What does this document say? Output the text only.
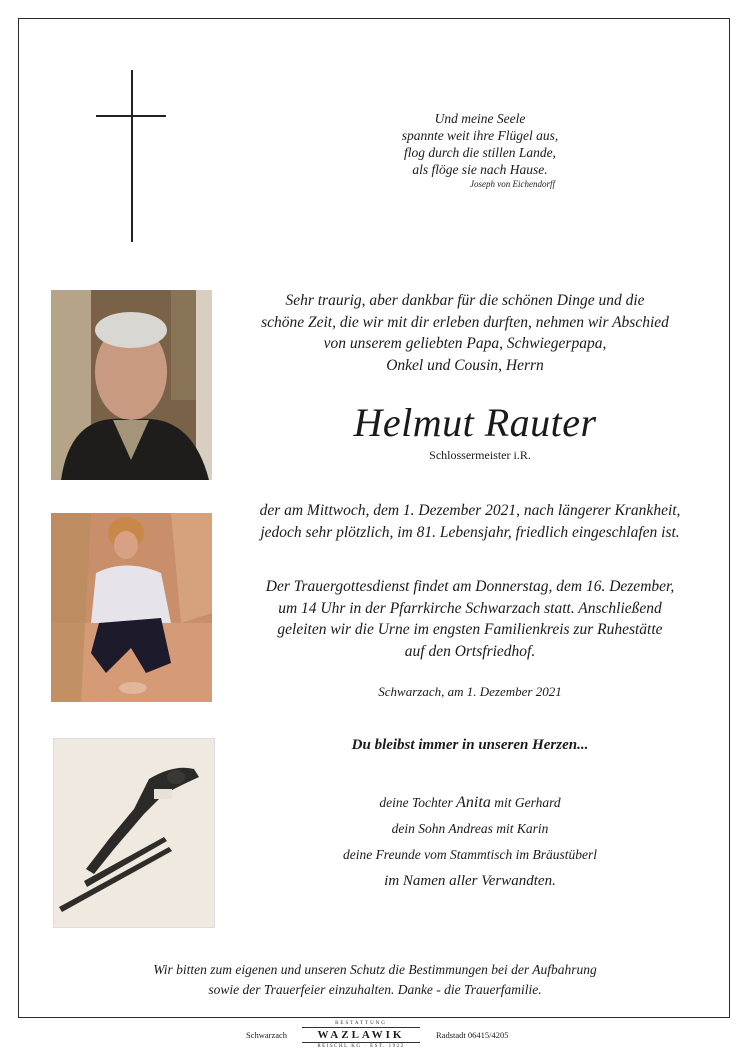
Und meine Seele
spannte weit ihre Flügel aus,
flog durch die stillen Lande,
als flöge sie nach Hause.
Joseph von Eichendorff
Sehr traurig, aber dankbar für die schönen Dinge und die
schöne Zeit, die wir mit dir erleben durften, nehmen wir Abschied
von unserem geliebten Papa, Schwiegerpapa,
Onkel und Cousin, Herrn
Helmut Rauter
Schlossermeister i.R.
der am Mittwoch, dem 1. Dezember 2021, nach längerer Krankheit,
jedoch sehr plötzlich, im 81. Lebensjahr, friedlich eingeschlafen ist.
Der Trauergottesdienst findet am Donnerstag, dem 16. Dezember,
um 14 Uhr in der Pfarrkirche Schwarzach statt. Anschließend
geleiten wir die Urne im engsten Familienkreis zur Ruhestätte
auf den Ortsfriedhof.
Schwarzach, am 1. Dezember 2021
Du bleibst immer in unseren Herzen...
deine Tochter Anita mit Gerhard
dein Sohn Andreas mit Karin
deine Freunde vom Stammtisch im Bräustüberl
im Namen aller Verwandten.
Wir bitten zum eigenen und unseren Schutz die Bestimmungen bei der Aufbahrung
sowie der Trauerfeier einzuhalten. Danke - die Trauerfamilie.
Schwarzach
BESTATTUNG
WAZLAWIK
REISCHL KG · EST. 1922
Radstadt 06415/4205
